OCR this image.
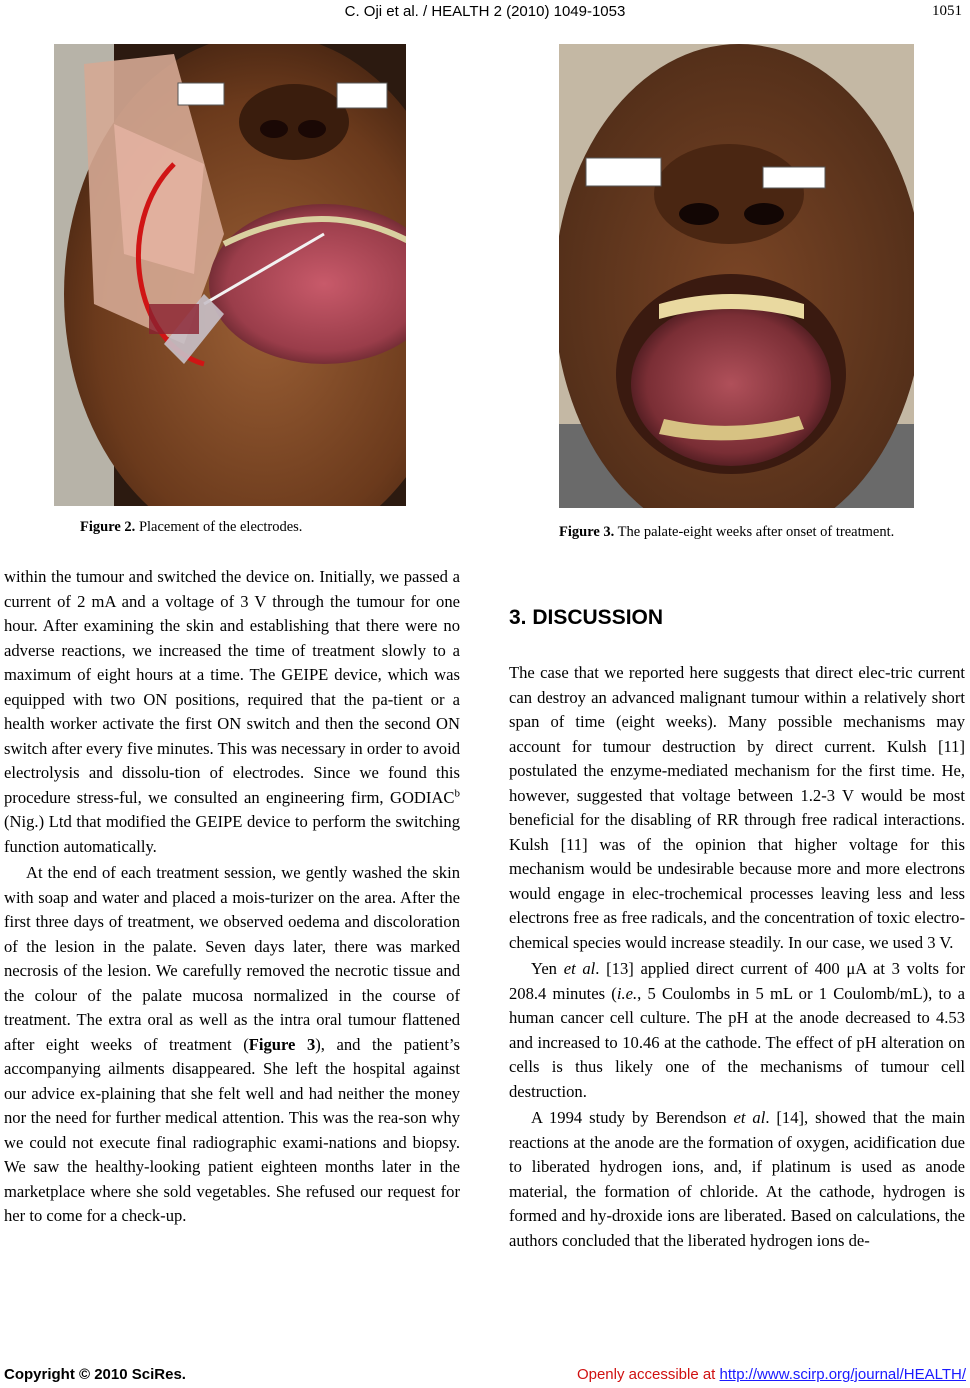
C. Oji et al. / HEALTH 2 (2010) 1049-1053	1051
Figure 2. Placement of the electrodes.	Figure 3. The palate-eight weeks after onset of treatment.

within the tumour and switched the device on. Initially, we passed a current of 2 mA and a voltage of 3 V through the tumour for one hour. After examining the skin and establishing that there were no adverse reactions, we increased the time of treatment slowly to a maximum of eight hours at a time. The GEIPE device, which was equipped with two ON positions, required that the pa-tient or a health worker activate the first ON switch and then the second ON switch after every five minutes. This was necessary in order to avoid electrolysis and dissolu-tion of electrodes. Since we found this procedure stress-ful, we consulted an engineering firm, GODIAC$^b$ (Nig.) Ltd that modified the GEIPE device to perform the switching function automatically.

At the end of each treatment session, we gently washed the skin with soap and water and placed a mois-turizer on the area. After the first three days of treatment, we observed oedema and discoloration of the lesion in the palate. Seven days later, there was marked necrosis of the lesion. We carefully removed the necrotic tissue and the colour of the palate mucosa normalized in the course of treatment. The extra oral as well as the intra oral tumour flattened after eight weeks of treatment (Figure 3), and the patient’s accompanying ailments disappeared. She left the hospital against our advice ex-plaining that she felt well and had neither the money nor the need for further medical attention. This was the rea-son why we could not execute final radiographic exami-nations and biopsy. We saw the healthy-looking patient eighteen months later in the marketplace where she sold vegetables. She refused our request for her to come for a check-up.

3. DISCUSSION

The case that we reported here suggests that direct elec-tric current can destroy an advanced malignant tumour within a relatively short span of time (eight weeks). Many possible mechanisms may account for tumour destruction by direct current. Kulsh [11] postulated the enzyme-mediated mechanism for the first time. He, however, suggested that voltage between 1.2-3 V would be most beneficial for the disabling of RR through free radical interactions. Kulsh [11] was of the opinion that higher voltage for this mechanism would be undesirable because more and more electrons would engage in elec-trochemical processes leaving less and less electrons free as free radicals, and the concentration of toxic electro-chemical species would increase steadily. In our case, we used 3 V.

Yen et al. [13] applied direct current of 400 μA at 3 volts for 208.4 minutes (i.e., 5 Coulombs in 5 mL or 1 Coulomb/mL), to a human cancer cell culture. The pH at the anode decreased to 4.53 and increased to 10.46 at the cathode. The effect of pH alteration on cells is thus likely one of the mechanisms of tumour cell destruction.

A 1994 study by Berendson et al. [14], showed that the main reactions at the anode are the formation of oxygen, acidification due to liberated hydrogen ions, and, if platinum is used as anode material, the formation of chloride. At the cathode, hydrogen is formed and hy-droxide ions are liberated. Based on calculations, the authors concluded that the liberated hydrogen ions de-

Copyright © 2010 SciRes.	Openly accessible at http://www.scirp.org/journal/HEALTH/
